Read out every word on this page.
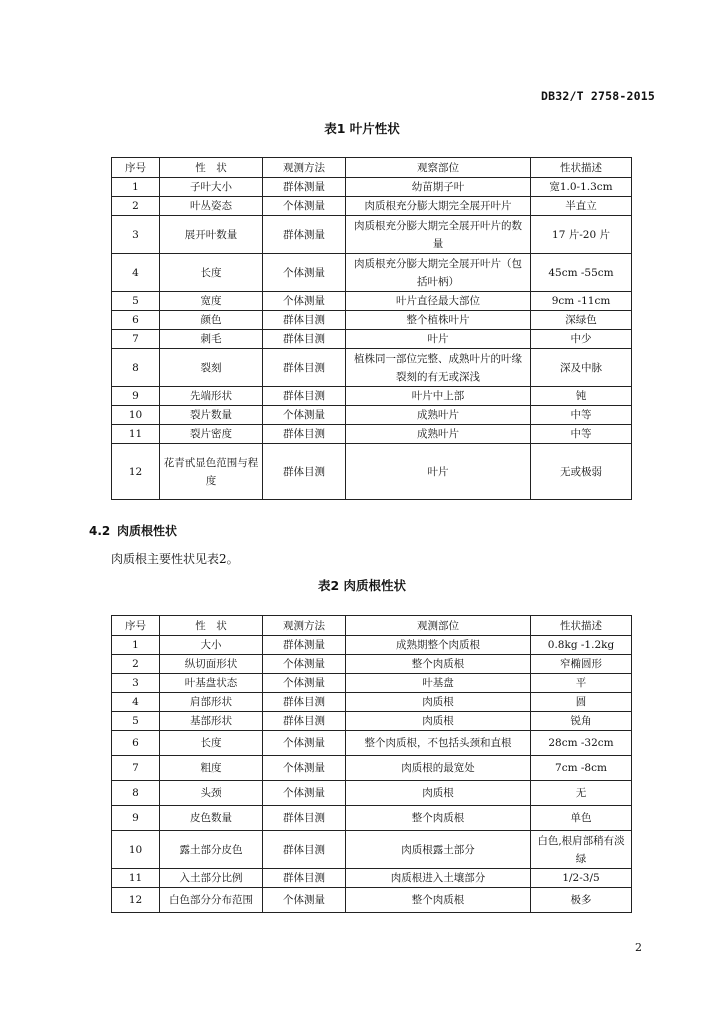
DB32/T 2758-2015
表1 叶片性状
序号	性　状	观测方法	观察部位	性状描述
1	子叶大小	群体测量	幼苗期子叶	宽1.0-1.3cm
2	叶丛姿态	个体测量	肉质根充分膨大期完全展开叶片	半直立
3	展开叶数量	群体测量	肉质根充分膨大期完全展开叶片的数量	17 片-20 片
4	长度	个体测量	肉质根充分膨大期完全展开叶片（包括叶柄）	45cm -55cm
5	宽度	个体测量	叶片直径最大部位	9cm -11cm
6	颜色	群体目测	整个植株叶片	深绿色
7	刺毛	群体目测	叶片	中少
8	裂刻	群体目测	植株同一部位完整、成熟叶片的叶缘裂刻的有无或深浅	深及中脉
9	先端形状	群体目测	叶片中上部	钝
10	裂片数量	个体测量	成熟叶片	中等
11	裂片密度	群体目测	成熟叶片	中等
12	花青甙显色范围与程度	群体目测	叶片	无或极弱
4.2 肉质根性状
肉质根主要性状见表2。
表2 肉质根性状
序号	性　状	观测方法	观测部位	性状描述
1	大小	群体测量	成熟期整个肉质根	0.8kg -1.2kg
2	纵切面形状	个体测量	整个肉质根	窄椭圆形
3	叶基盘状态	个体测量	叶基盘	平
4	肩部形状	群体目测	肉质根	圆
5	基部形状	群体目测	肉质根	锐角
6	长度	个体测量	整个肉质根，不包括头颈和直根	28cm -32cm
7	粗度	个体测量	肉质根的最宽处	7cm -8cm
8	头颈	个体测量	肉质根	无
9	皮色数量	群体目测	整个肉质根	单色
10	露土部分皮色	群体目测	肉质根露土部分	白色,根肩部稍有淡绿
11	入土部分比例	群体目测	肉质根进入土壤部分	1/2-3/5
12	白色部分分布范围	个体测量	整个肉质根	极多
2
